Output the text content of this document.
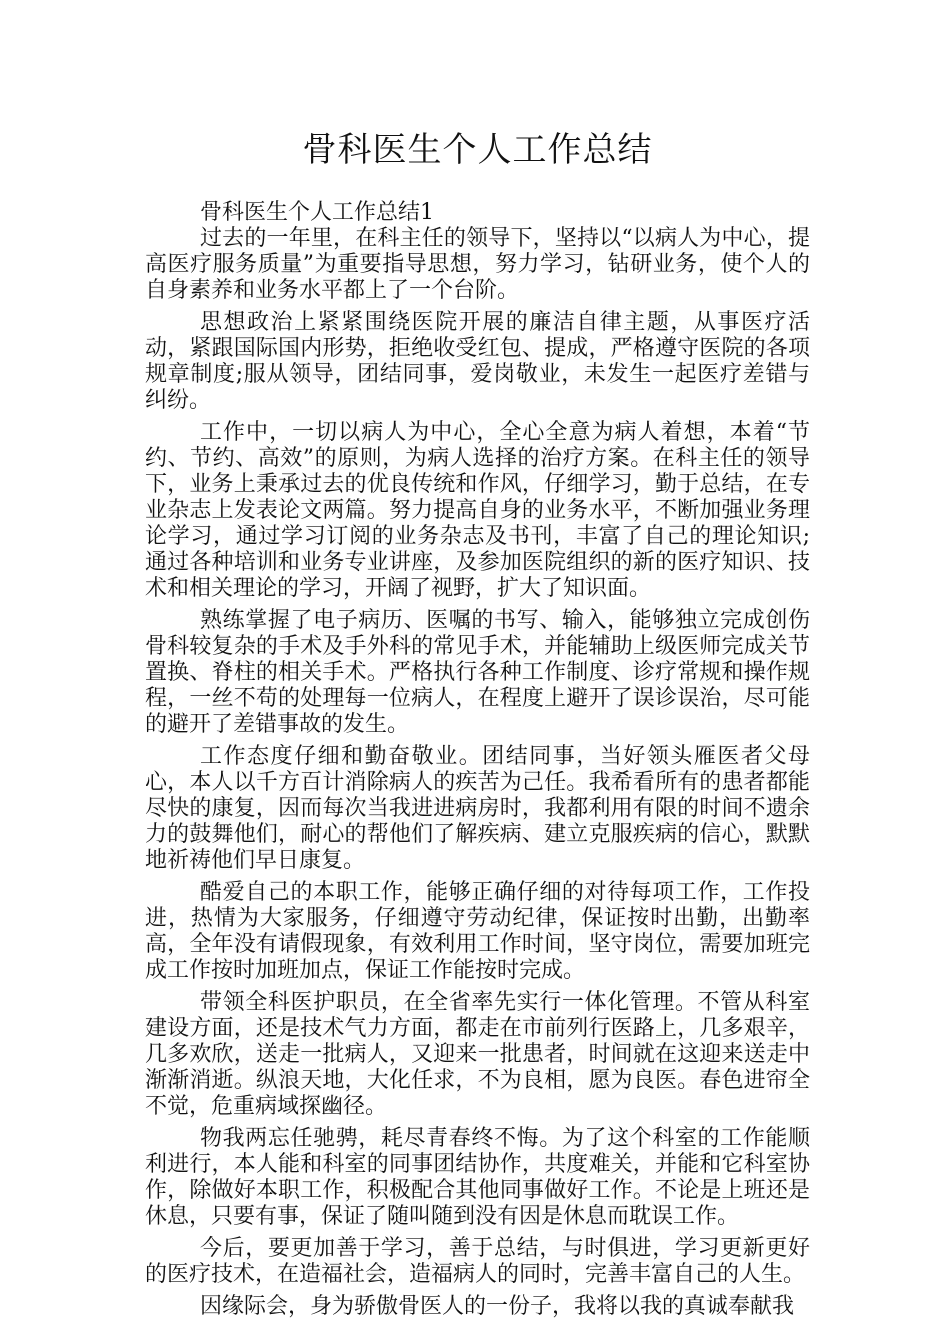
骨科医生个人工作总结

骨科医生个人工作总结1

过去的一年里，在科主任的领导下，坚持以“以病人为中心，提高医疗服务质量”为重要指导思想，努力学习，钻研业务，使个人的自身素养和业务水平都上了一个台阶。

思想政治上紧紧围绕医院开展的廉洁自律主题，从事医疗活动，紧跟国际国内形势，拒绝收受红包、提成，严格遵守医院的各项规章制度;服从领导，团结同事，爱岗敬业，未发生一起医疗差错与纠纷。

工作中，一切以病人为中心，全心全意为病人着想，本着“节约、节约、高效”的原则，为病人选择的治疗方案。在科主任的领导下，业务上秉承过去的优良传统和作风，仔细学习，勤于总结，在专业杂志上发表论文两篇。努力提高自身的业务水平，不断加强业务理论学习，通过学习订阅的业务杂志及书刊，丰富了自己的理论知识;通过各种培训和业务专业讲座，及参加医院组织的新的医疗知识、技术和相关理论的学习，开阔了视野，扩大了知识面。

熟练掌握了电子病历、医嘱的书写、输入，能够独立完成创伤骨科较复杂的手术及手外科的常见手术，并能辅助上级医师完成关节置换、脊柱的相关手术。严格执行各种工作制度、诊疗常规和操作规程，一丝不苟的处理每一位病人，在程度上避开了误诊误治，尽可能的避开了差错事故的发生。

工作态度仔细和勤奋敬业。团结同事，当好领头雁医者父母心，本人以千方百计消除病人的疾苦为己任。我希看所有的患者都能尽快的康复，因而每次当我进进病房时，我都利用有限的时间不遗余力的鼓舞他们，耐心的帮他们了解疾病、建立克服疾病的信心，默默地祈祷他们早日康复。

酷爱自己的本职工作，能够正确仔细的对待每项工作，工作投进，热情为大家服务，仔细遵守劳动纪律，保证按时出勤，出勤率高，全年没有请假现象，有效利用工作时间，坚守岗位，需要加班完成工作按时加班加点，保证工作能按时完成。

带领全科医护职员，在全省率先实行一体化管理。不管从科室建设方面，还是技术气力方面，都走在市前列行医路上，几多艰辛，几多欢欣，送走一批病人，又迎来一批患者，时间就在这迎来送走中渐渐消逝。纵浪天地，大化任求，不为良相，愿为良医。春色进帘全不觉，危重病域探幽径。

物我两忘任驰骋，耗尽青春终不悔。为了这个科室的工作能顺利进行，本人能和科室的同事团结协作，共度难关，并能和它科室协作，除做好本职工作，积极配合其他同事做好工作。不论是上班还是休息，只要有事，保证了随叫随到没有因是休息而耽误工作。

今后，要更加善于学习，善于总结，与时俱进，学习更新更好的医疗技术，在造福社会，造福病人的同时，完善丰富自己的人生。

因缘际会，身为骄傲骨医人的一份子，我将以我的真诚奉献我
